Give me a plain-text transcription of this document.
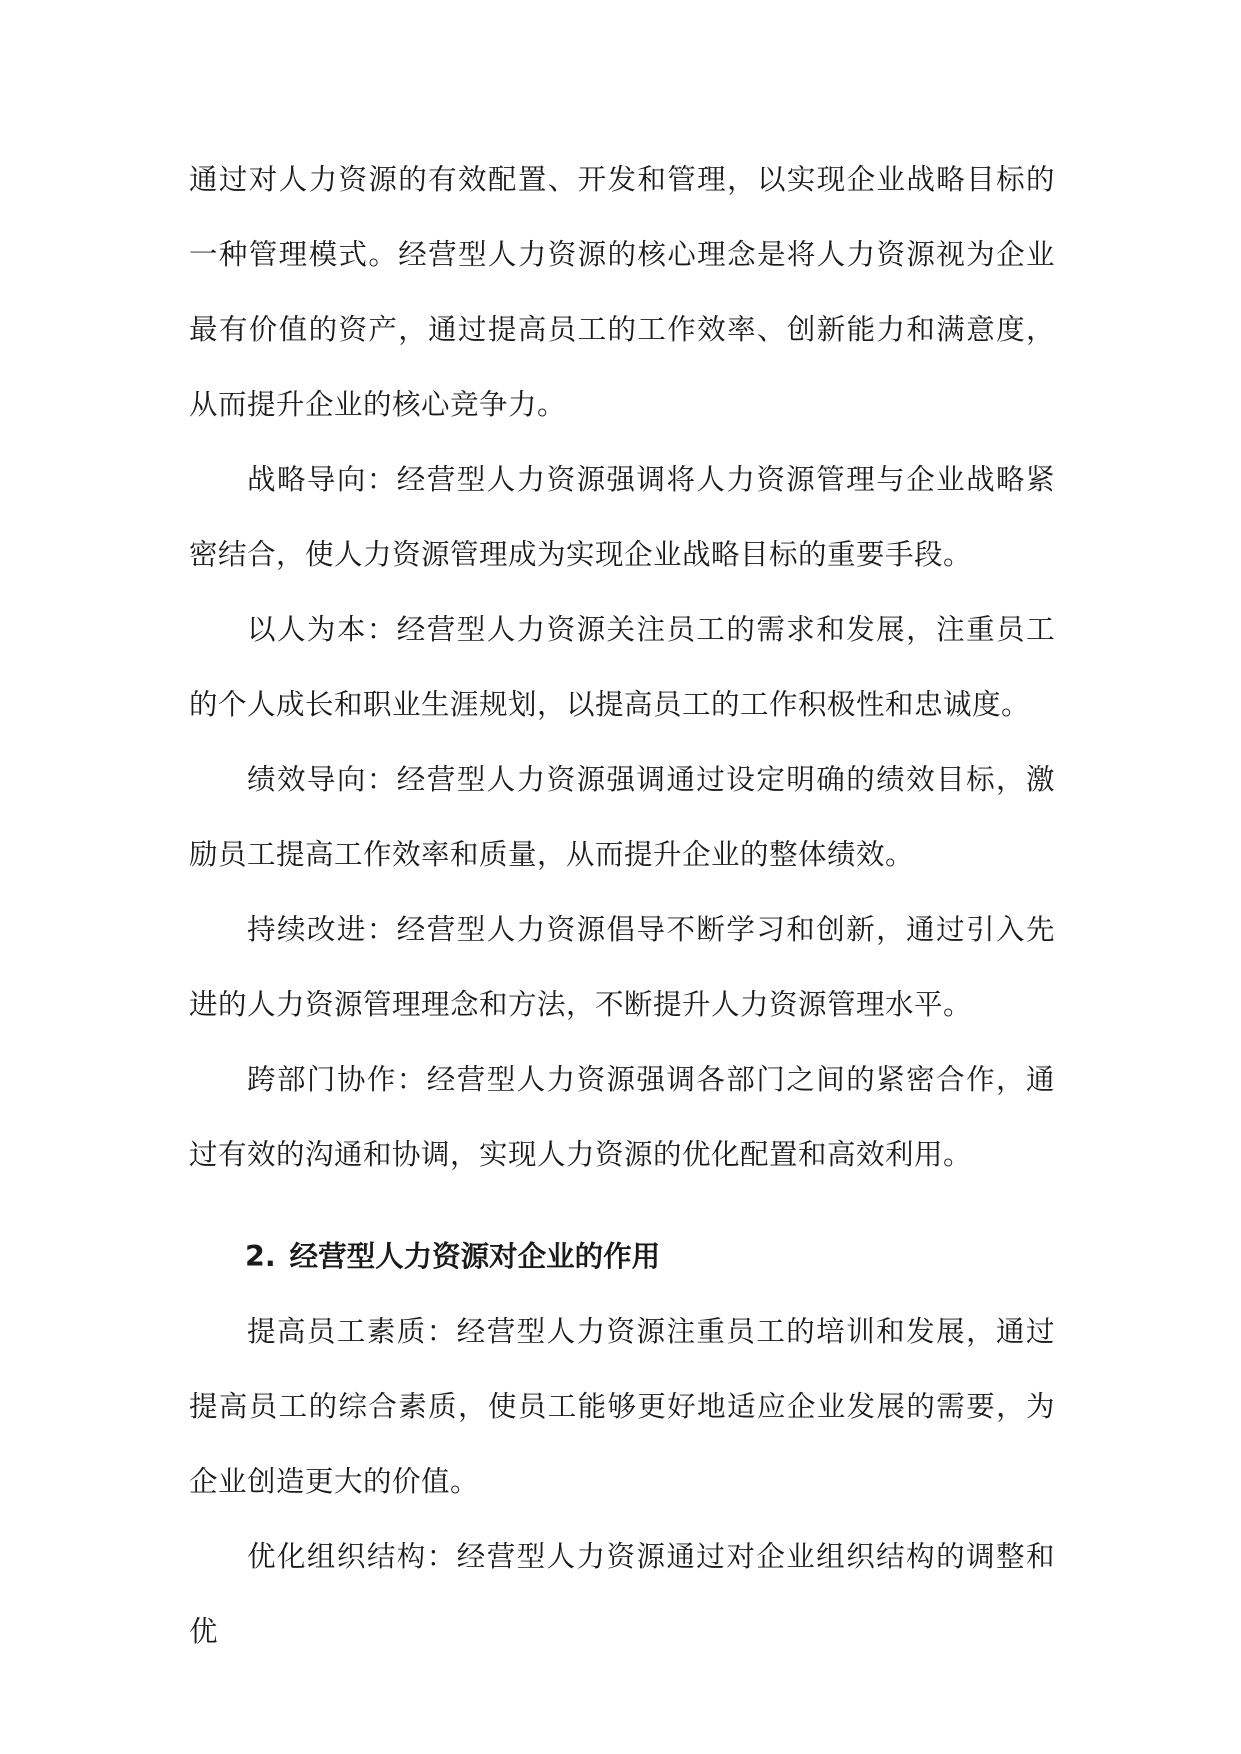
通过对人力资源的有效配置、开发和管理，以实现企业战略目标的一种管理模式。经营型人力资源的核心理念是将人力资源视为企业最有价值的资产，通过提高员工的工作效率、创新能力和满意度，从而提升企业的核心竞争力。

战略导向：经营型人力资源强调将人力资源管理与企业战略紧密结合，使人力资源管理成为实现企业战略目标的重要手段。

以人为本：经营型人力资源关注员工的需求和发展，注重员工的个人成长和职业生涯规划，以提高员工的工作积极性和忠诚度。

绩效导向：经营型人力资源强调通过设定明确的绩效目标，激励员工提高工作效率和质量，从而提升企业的整体绩效。

持续改进：经营型人力资源倡导不断学习和创新，通过引入先进的人力资源管理理念和方法，不断提升人力资源管理水平。

跨部门协作：经营型人力资源强调各部门之间的紧密合作，通过有效的沟通和协调，实现人力资源的优化配置和高效利用。

2. 经营型人力资源对企业的作用

提高员工素质：经营型人力资源注重员工的培训和发展，通过提高员工的综合素质，使员工能够更好地适应企业发展的需要，为企业创造更大的价值。

优化组织结构：经营型人力资源通过对企业组织结构的调整和优
